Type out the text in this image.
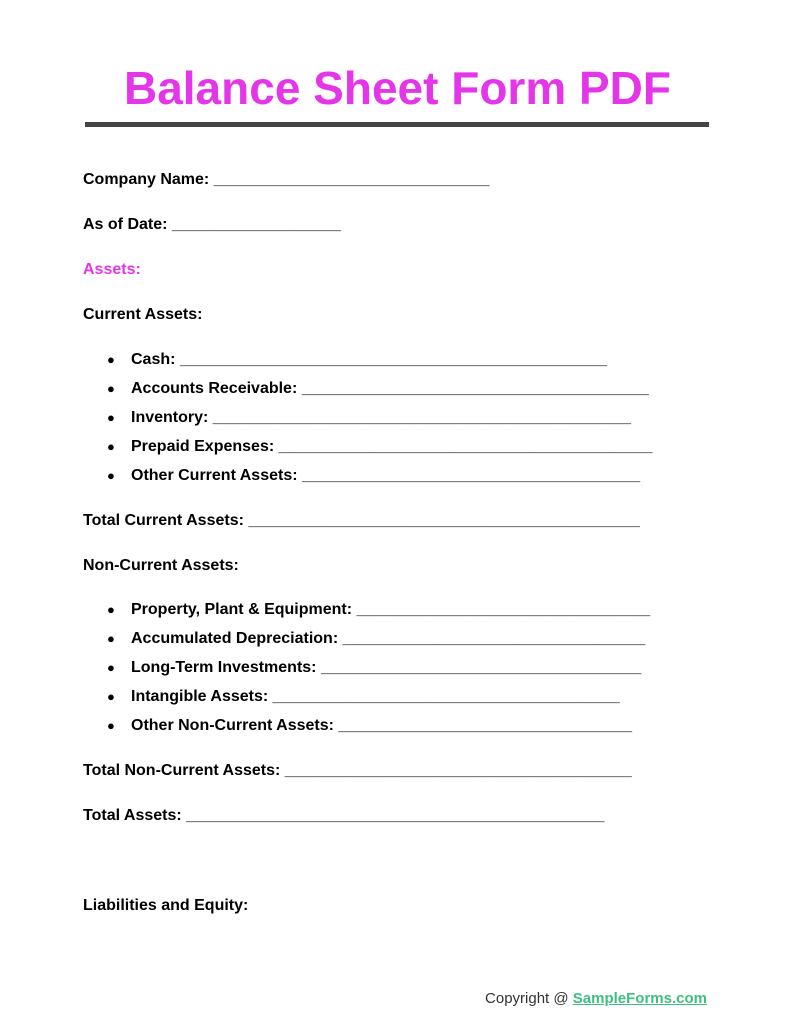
Balance Sheet Form PDF
Company Name: _______________________________
As of Date: ___________________
Assets:
Current Assets:
● Cash: ________________________________________________
● Accounts Receivable: _______________________________________
● Inventory: _______________________________________________
● Prepaid Expenses: __________________________________________
● Other Current Assets: ______________________________________
Total Current Assets: ____________________________________________
Non-Current Assets:
● Property, Plant & Equipment: _________________________________
● Accumulated Depreciation: __________________________________
● Long-Term Investments: ____________________________________
● Intangible Assets: _______________________________________
● Other Non-Current Assets: _________________________________
Total Non-Current Assets: _______________________________________
Total Assets: _______________________________________________
Liabilities and Equity:
Copyright @ SampleForms.com
